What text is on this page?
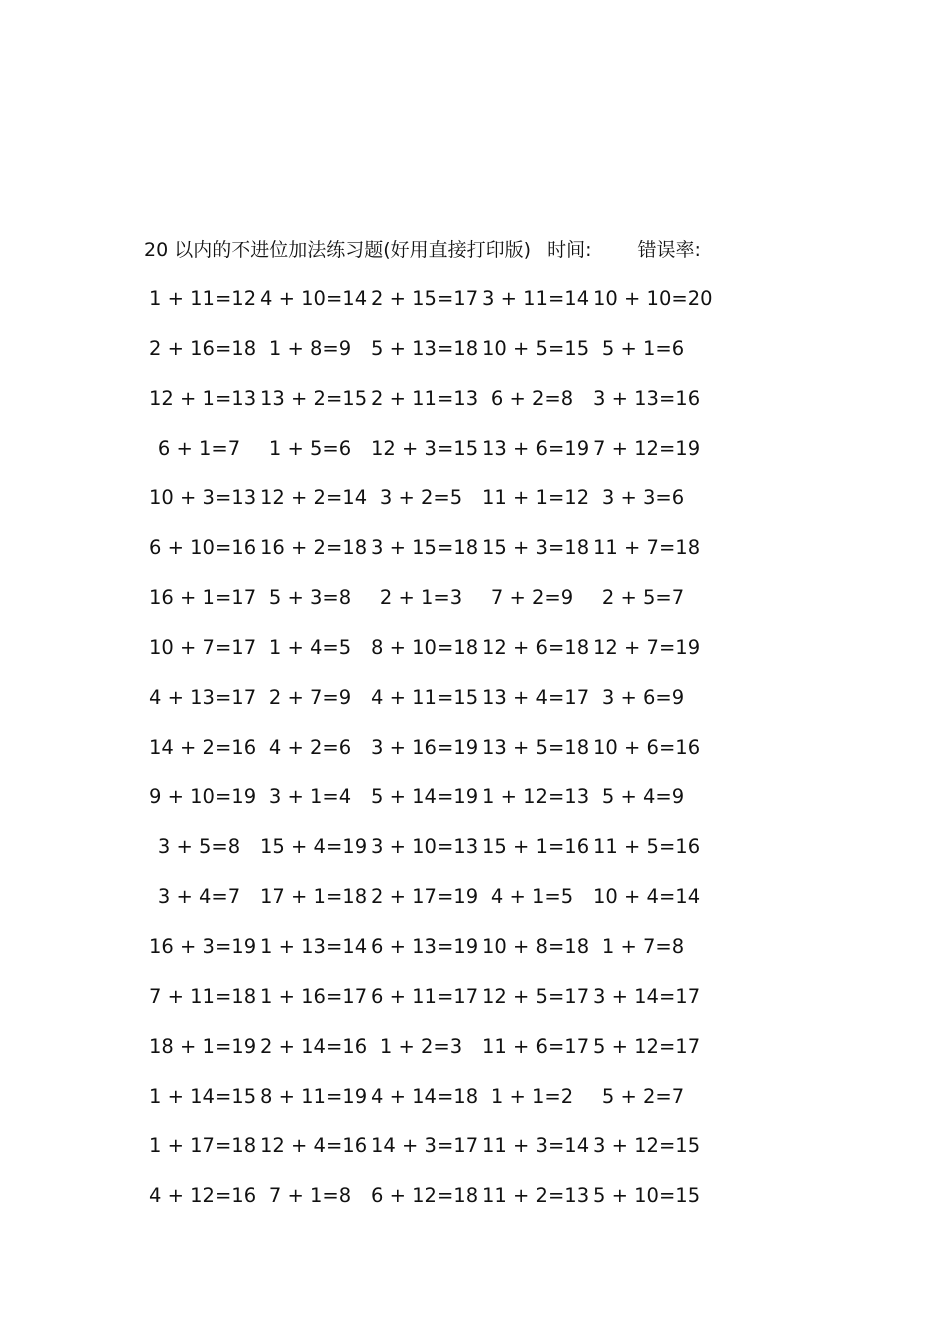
20 以内的不进位加法练习题(好用直接打印版) 时间: 错误率:
1 + 11=12 4 + 10=14 2 + 15=17 3 + 11=14 10 + 10=20
2 + 16=18 1 + 8=9 5 + 13=18 10 + 5=15 5 + 1=6
12 + 1=13 13 + 2=15 2 + 11=13 6 + 2=8 3 + 13=16
6 + 1=7 1 + 5=6 12 + 3=15 13 + 6=19 7 + 12=19
10 + 3=13 12 + 2=14 3 + 2=5 11 + 1=12 3 + 3=6
6 + 10=16 16 + 2=18 3 + 15=18 15 + 3=18 11 + 7=18
16 + 1=17 5 + 3=8 2 + 1=3 7 + 2=9 2 + 5=7
10 + 7=17 1 + 4=5 8 + 10=18 12 + 6=18 12 + 7=19
4 + 13=17 2 + 7=9 4 + 11=15 13 + 4=17 3 + 6=9
14 + 2=16 4 + 2=6 3 + 16=19 13 + 5=18 10 + 6=16
9 + 10=19 3 + 1=4 5 + 14=19 1 + 12=13 5 + 4=9
3 + 5=8 15 + 4=19 3 + 10=13 15 + 1=16 11 + 5=16
3 + 4=7 17 + 1=18 2 + 17=19 4 + 1=5 10 + 4=14
16 + 3=19 1 + 13=14 6 + 13=19 10 + 8=18 1 + 7=8
7 + 11=18 1 + 16=17 6 + 11=17 12 + 5=17 3 + 14=17
18 + 1=19 2 + 14=16 1 + 2=3 11 + 6=17 5 + 12=17
1 + 14=15 8 + 11=19 4 + 14=18 1 + 1=2 5 + 2=7
1 + 17=18 12 + 4=16 14 + 3=17 11 + 3=14 3 + 12=15
4 + 12=16 7 + 1=8 6 + 12=18 11 + 2=13 5 + 10=15
